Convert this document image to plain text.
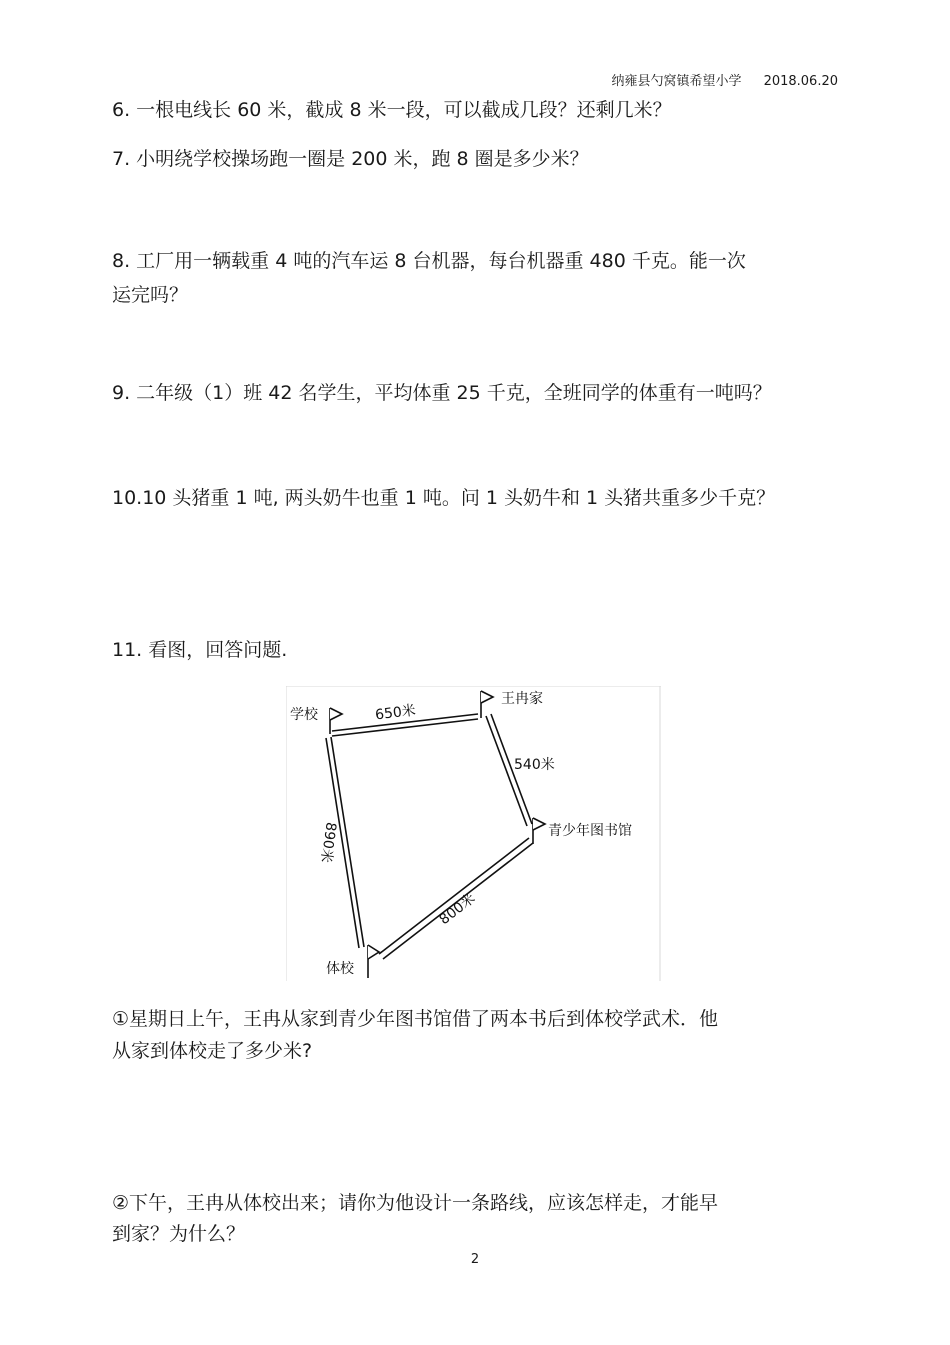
纳雍县勺窝镇希望小学 2018.06.20
6. 一根电线长 60 米，截成 8 米一段，可以截成几段？还剩几米？
7. 小明绕学校操场跑一圈是 200 米，跑 8 圈是多少米？
8. 工厂用一辆载重 4 吨的汽车运 8 台机器，每台机器重 480 千克。能一次
运完吗？
9. 二年级（1）班 42 名学生，平均体重 25 千克，全班同学的体重有一吨吗？
10.10 头猪重 1 吨, 两头奶牛也重 1 吨。问 1 头奶牛和 1 头猪共重多少千克？
11. 看图，回答问题.
学校
王冉家
青少年图书馆
体校
650米
540米
800米
890米
①星期日上午，王冉从家到青少年图书馆借了两本书后到体校学武术．他
从家到体校走了多少米?
②下午，王冉从体校出来；请你为他设计一条路线，应该怎样走，才能早
到家？为什么？
2
